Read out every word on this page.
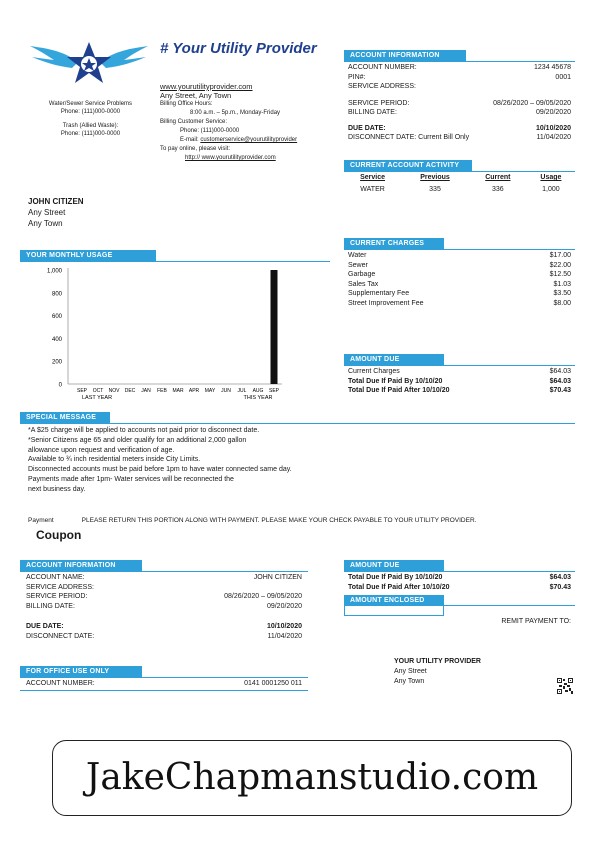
# Your Utility Provider
Water/Sewer Service Problems
Phone: (111)000-0000
Trash (Allied Waste):
Phone: (111)000-0000
www.yourutilityprovider.com
Any Street, Any Town
Billing Office Hours:
8:00 a.m. – 5p.m., Monday-Friday
Billing Customer Service:
Phone: (111)000-0000
E-mail: customerservice@yourutilityprovider
To pay online, please visit:
http:// www.yourutilityprovider.com
JOHN CITIZEN
Any Street
Any Town
ACCOUNT INFORMATION
ACCOUNT NUMBER:	1234 45678
PIN#:	0001
SERVICE ADDRESS:
SERVICE PERIOD:	08/26/2020 – 09/05/2020
BILLING DATE:	09/20/2020
DUE DATE:	10/10/2020
DISCONNECT DATE: Current Bill Only	11/04/2020
CURRENT ACCOUNT ACTIVITY
Service	Previous	Current	Usage
WATER	335	336	1,000
CURRENT CHARGES
Water	$17.00
Sewer	$22.00
Garbage	$12.50
Sales Tax	$1.03
Supplementary Fee	$3.50
Street Improvement Fee	$8.00
AMOUNT DUE
Current Charges	$64.03
Total Due If Paid By 10/10/20	$64.03
Total Due If Paid After 10/10/20	$70.43
YOUR MONTHLY USAGE
1,000
800
600
400
200
0
SEP OCT NOV DEC JAN FEB MAR APR MAY JUN JUL AUG SEP
LAST YEAR	THIS YEAR
SPECIAL MESSAGE
*A $25 charge will be applied to accounts not paid prior to disconnect date.
*Senior Citizens age 65 and older qualify for an additional 2,000 gallon
allowance upon request and verification of age.
Available to ¾ inch residential meters inside City Limits.
Disconnected accounts must be paid before 1pm to have water connected same day.
Payments made after 1pm- Water services will be reconnected the
next business day.
Payment	PLEASE RETURN THIS PORTION ALONG WITH PAYMENT. PLEASE MAKE YOUR CHECK PAYABLE TO YOUR UTILITY PROVIDER.
Coupon
ACCOUNT INFORMATION
ACCOUNT NAME:	JOHN CITIZEN
SERVICE ADDRESS:
SERVICE PERIOD:	08/26/2020 – 09/05/2020
BILLING DATE:	09/20/2020
DUE DATE:	10/10/2020
DISCONNECT DATE:	11/04/2020
FOR OFFICE USE ONLY
ACCOUNT NUMBER:	0141 0001250 011
AMOUNT DUE
Total Due If Paid By 10/10/20	$64.03
Total Due If Paid After 10/10/20	$70.43
AMOUNT ENCLOSED
REMIT PAYMENT TO:
YOUR UTILITY PROVIDER
Any Street
Any Town
JakeChapmanstudio.com
